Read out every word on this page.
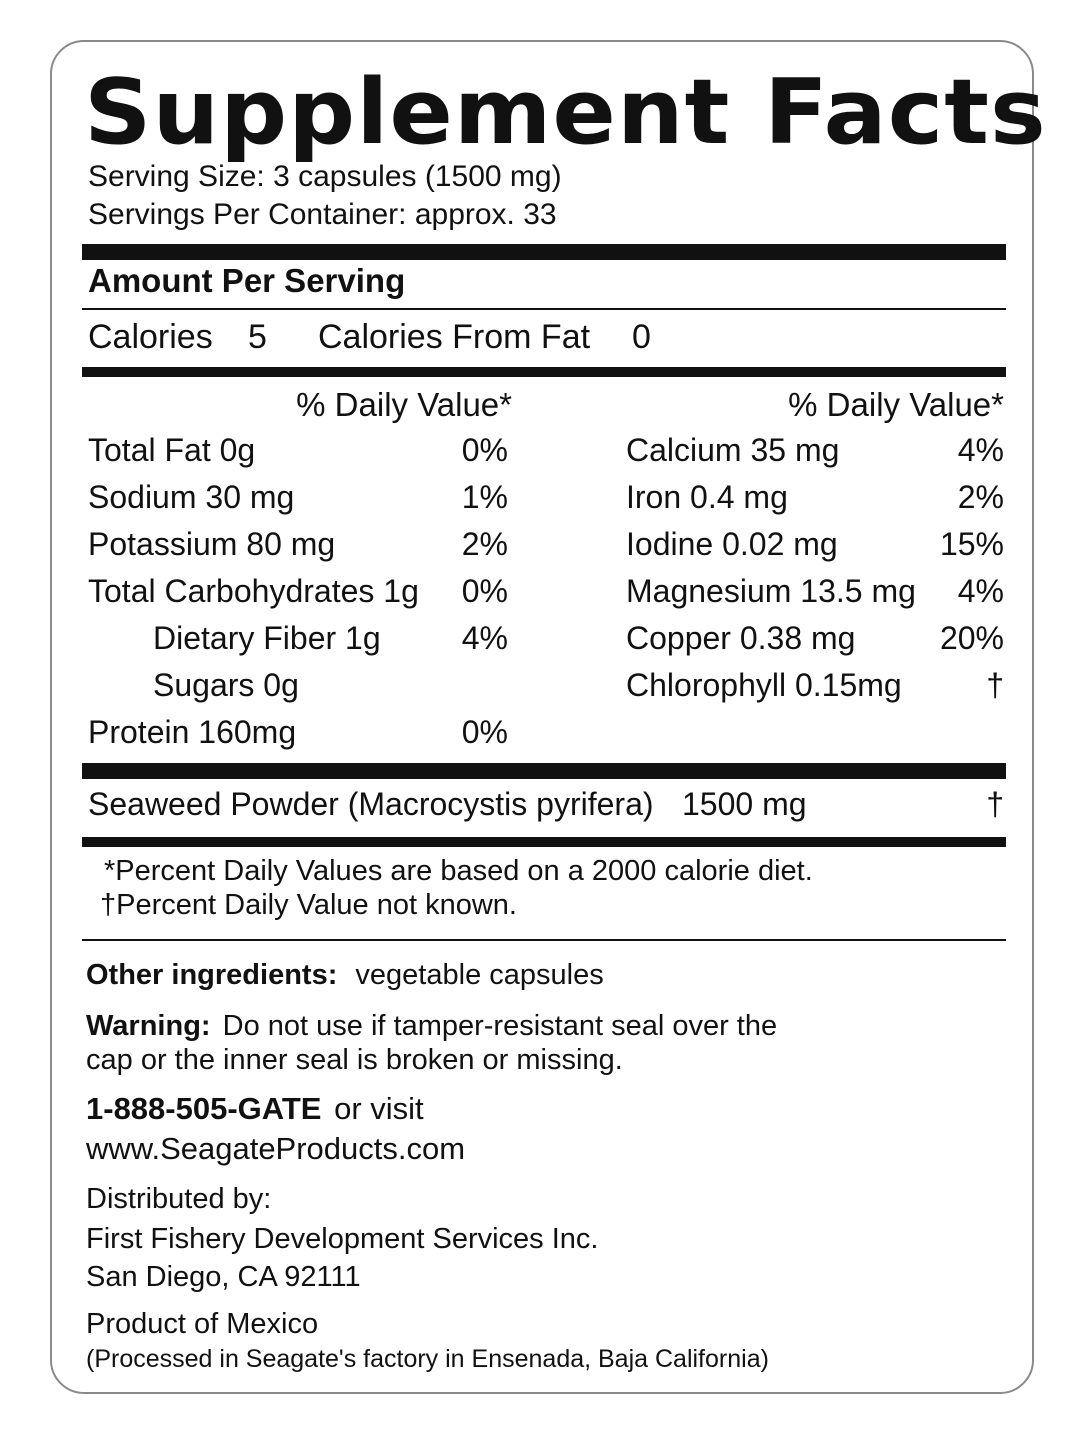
Supplement Facts
Serving Size: 3 capsules (1500 mg)
Servings Per Container: approx. 33
Amount Per Serving
Calories 5 Calories From Fat 0
% Daily Value*	% Daily Value*
Total Fat 0g	0%
Sodium 30 mg	1%
Potassium 80 mg	2%
Total Carbohydrates 1g	0%
Dietary Fiber 1g	4%
Sugars 0g
Protein 160mg	0%
Calcium 35 mg	4%
Iron 0.4 mg	2%
Iodine 0.02 mg	15%
Magnesium 13.5 mg	4%
Copper 0.38 mg	20%
Chlorophyll 0.15mg	†
Seaweed Powder (Macrocystis pyrifera) 1500 mg	†
*Percent Daily Values are based on a 2000 calorie diet.
†Percent Daily Value not known.
Other ingredients: vegetable capsules
Warning: Do not use if tamper-resistant seal over the
cap or the inner seal is broken or missing.
1-888-505-GATE or visit
www.SeagateProducts.com
Distributed by:
First Fishery Development Services Inc.
San Diego, CA 92111
Product of Mexico
(Processed in Seagate's factory in Ensenada, Baja California)
